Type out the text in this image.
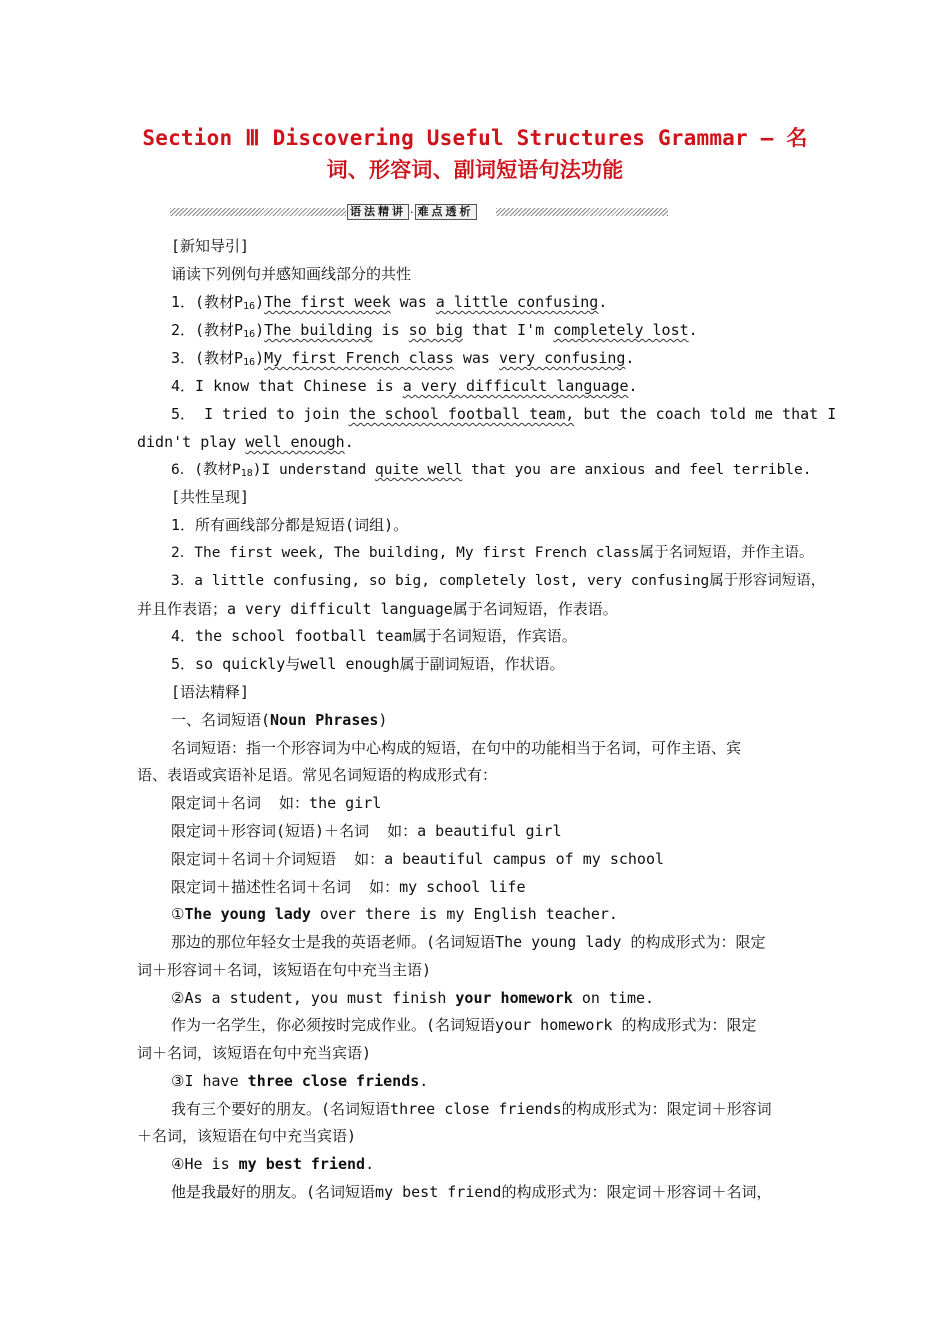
Section Ⅲ Discovering Useful Structures Grammar — 名
词、形容词、副词短语句法功能
语法精讲 · 难点透析
[新知导引]
诵读下列例句并感知画线部分的共性
1．(教材$P_{16})The$ first week was a little confusing.
2．(教材$P_{16})The$ building is so big that I'm completely lost.
3．(教材$P_{16})My$ first French class was very confusing.
4．I know that Chinese is a very difficult language.
5． I tried to join the school football team, but the coach told me that I
didn't play well enough.
6．(教材$P_{18})I$ understand quite well that you are anxious and feel terrible.
[共性呈现]
1．所有画线部分都是短语(词组)。
2．The first week, The building, My first French class属于名词短语，并作主语。
3．a little confusing, so big, completely lost, very confusing属于形容词短语，
并且作表语；a very difficult language属于名词短语，作表语。
4．the school football team属于名词短语，作宾语。
5．so quickly与well enough属于副词短语，作状语。
[语法精释]
一、名词短语(Noun Phrases)
名词短语：指一个形容词为中心构成的短语，在句中的功能相当于名词，可作主语、宾
语、表语或宾语补足语。常见名词短语的构成形式有：
限定词＋名词  如：the girl
限定词＋形容词(短语)＋名词  如：a beautiful girl
限定词＋名词＋介词短语  如：a beautiful campus of my school
限定词＋描述性名词＋名词  如：my school life
①The young lady over there is my English teacher.
那边的那位年轻女士是我的英语老师。(名词短语The young lady 的构成形式为：限定
词＋形容词＋名词，该短语在句中充当主语)
②As a student, you must finish your homework on time.
作为一名学生，你必须按时完成作业。(名词短语your homework 的构成形式为：限定
词＋名词，该短语在句中充当宾语)
③I have three close friends.
我有三个要好的朋友。(名词短语three close friends的构成形式为：限定词＋形容词
＋名词，该短语在句中充当宾语)
④He is my best friend.
他是我最好的朋友。(名词短语my best friend的构成形式为：限定词＋形容词＋名词，
